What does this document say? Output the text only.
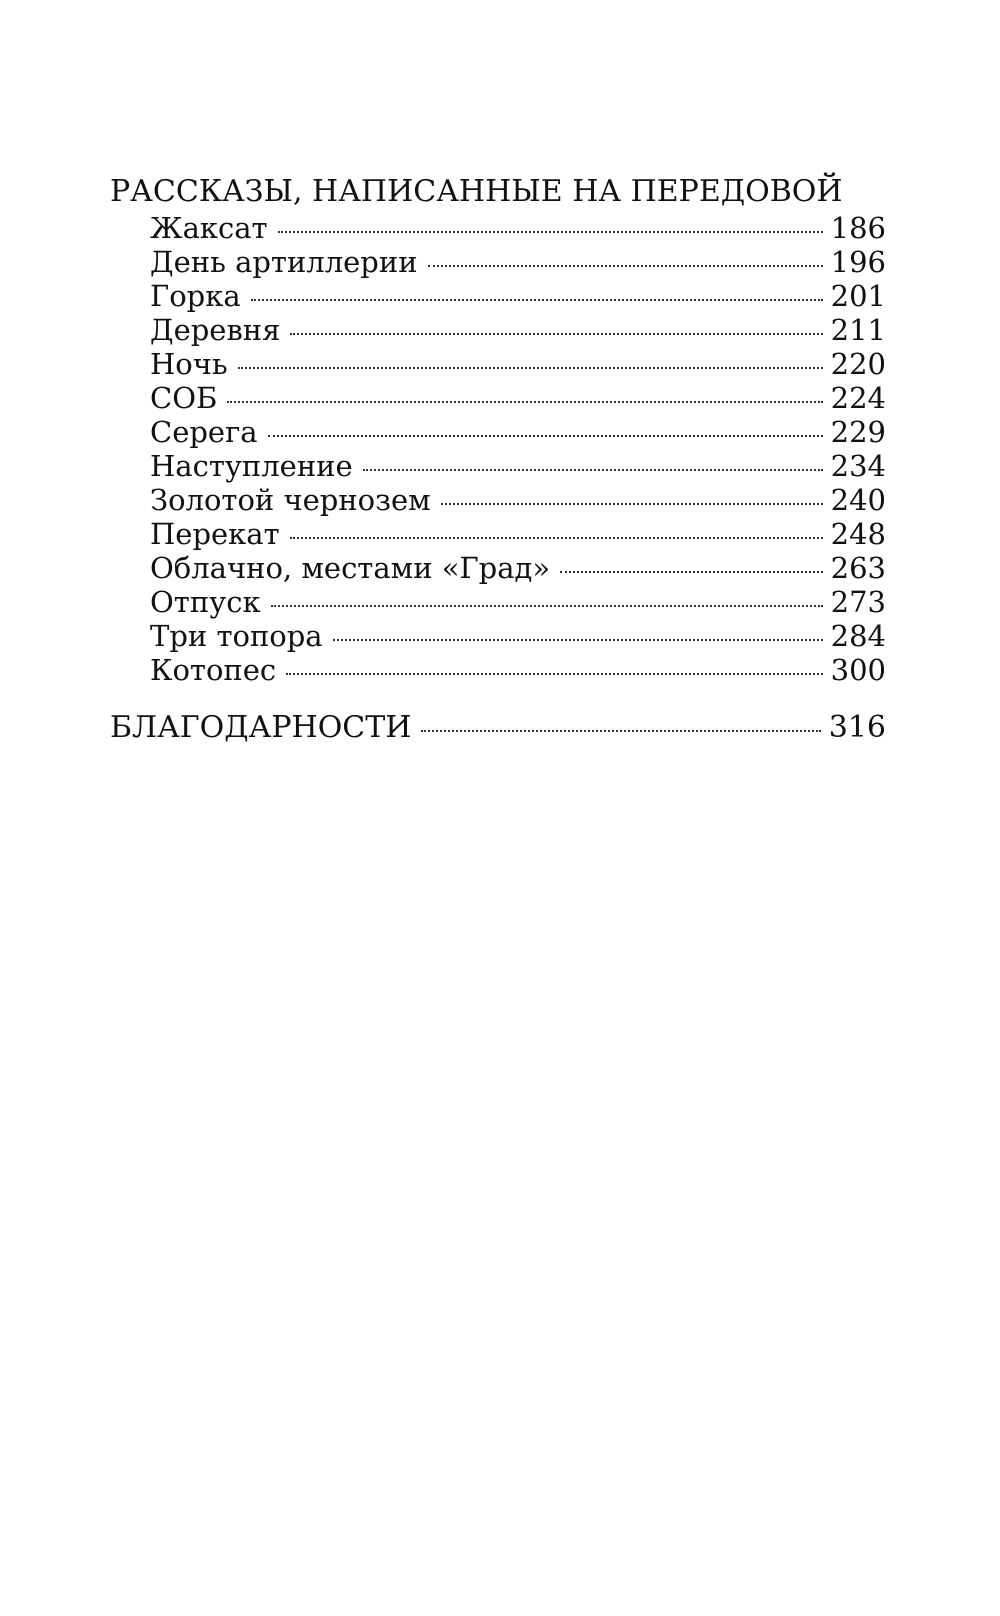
РАССКАЗЫ, НАПИСАННЫЕ НА ПЕРЕДОВОЙ
Жаксат	186
День артиллерии	196
Горка	201
Деревня	211
Ночь	220
СОБ	224
Серега	229
Наступление	234
Золотой чернозем	240
Перекат	248
Облачно, местами «Град»	263
Отпуск	273
Три топора	284
Котопес	300
БЛАГОДАРНОСТИ	316
